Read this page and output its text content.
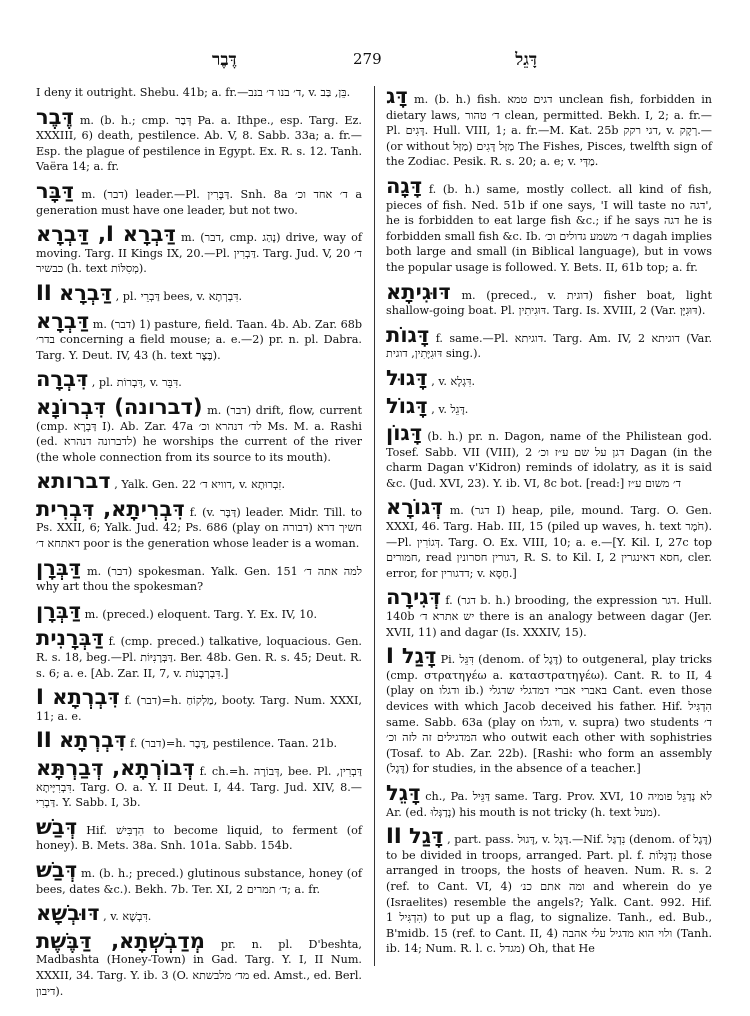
דֶּבֶר	279	דָּגֵל

I deny it outright. Shebu. 41b; a. fr.—ד׳ בנו ד׳ בנב, v. בֵּן, בַּב.

דֶּבֶר m. (b. h.; cmp. דְּבַר Pa. a. Ithpe., esp. Targ. Ez. XXXIII, 6) death, pestilence. Ab. V, 8. Sabb. 33a; a. fr.—Esp. the plague of pestilence in Egypt. Ex. R. s. 12. Tanh. Vaëra 14; a. fr.

דַּבָּר m. (דבר) leader.—Pl. דַּבָּרִין. Snh. 8a ד׳ אחד וכ׳ a generation must have one leader, but not two.

דַּבְרָא I, דַּבְרָא m. (דבר, cmp. נָהַג) drive, way of moving. Targ. II Kings IX, 20.—Pl. דַּבְרִין. Targ. Jud. V, 20 ד׳ כבשיר (h. text מְסִלּוֹת).

דַּבְרָא II , pl. דַּבְרֵי bees, v. דִּבְרְתָא.

דַּבְרָא m. (דבר) 1) pasture, field. Taan. 4b. Ab. Zar. 68b בדר׳ concerning a field mouse; a. e.—2) pr. n. pl. Dabra. Targ. Y. Deut. IV, 43 (h. text בֶּצֶר).

דִּבְרָה , pl. דִּבְרוֹת, v. דִּבֵּר.

(דברונה) דִּבְרוֹנָא m. (דבר) drift, flow, current (cmp. דַּבְרָא I). Ab. Zar. 47a לד׳ דנהרא וכ׳ Ms. M. a. Rashi (ed. לדברונה דנהרא) he worships the current of the river (the whole connection from its source to its mouth).

דברותא , Yalk. Gen. 22 דוויא ד׳, v. זִבְרוּתָא.

דִּבְרִיתָא, דִּבְרִית f. (v. דַּבָּר) leader. Midr. Till. to Ps. XXII, 6; Yalk. Jud. 42; Ps. 686 (play on דבורה) חשיך דרא דאתחא ד׳ poor is the generation whose leader is a woman.

דַּבְּרָן m. (דבר) spokesman. Yalk. Gen. 151 למה אתה ד׳ why art thou the spokesman?

דַּבְּרָן m. (preced.) eloquent. Targ. Y. Ex. IV, 10.

דַּבְּרָנִית f. (cmp. preced.) talkative, loquacious. Gen. R. s. 18, beg.—Pl. דַּבְּרָנִיּוֹת. Ber. 48b. Gen. R. s. 45; Deut. R. s. 6; a. e. [Ab. Zar. II, 7, v. דִּבְרְבָנוֹת.]

דִּבְרְתָא I f. (דבר)=h. מַלְקוֹחַ, booty. Targ. Num. XXXI, 11; a. e.

דִּבְרְתָא II f. (דבר)=h. דֶּבֶר, pestilence. Taan. 21b.

דְּבוֹרְתָא, דְּבַרְתָּא f. ch.=h. דְּבוֹרָה, bee. Pl. דַּבְרִין, דִּבְרִיָּיתָא. Targ. O. a. Y. II Deut. I, 44. Targ. Jud. XIV, 8.—דַּבְרִי. Y. Sabb. I, 3b.

דְּבַשׁ Hif. הִדְבִּישׁ to become liquid, to ferment (of honey). B. Mets. 38a. Snh. 101a. Sabb. 154b.

דְּבַשׁ m. (b. h.; preced.) glutinous substance, honey (of bees, dates &c.). Bekh. 7b. Ter. XI, 2 ד׳ תמרים; a. fr.

דּוּבְשָׁא , v. דִּבְשָׁא.

מְדַבְשְׁתָא, דַּבֶּשֶׁת pr. n. pl. D'beshta, Madbashta (Honey-Town) in Gad. Targ. Y. I, II Num. XXXII, 34. Targ. Y. ib. 3 (O. מד׳ מלבשתא ed. Amst., ed. Berl. דיבון).

דָּג m. (b. h.) fish. דגים טמא unclean fish, forbidden in dietary laws, ד׳ טהור clean, permitted. Bekh. I, 2; a. fr.—Pl. דָּגִים. Hull. VIII, 1; a. fr.—M. Kat. 25b דגי רקק, v. רְקָק.—(or without מַזַּל) מַזַּל דָּגִים The Fishes, Pisces, twelfth sign of the Zodiac. Pesik. R. s. 20; a. e; v. מַדְּי.

דָּגָה f. (b. h.) same, mostly collect. all kind of fish, pieces of fish. Ned. 51b if one says, 'I will taste no דגה', he is forbidden to eat large fish &c.; if he says דגה he is forbidden small fish &c. Ib. ד׳ משמע גדולים וכ׳ dagah implies both large and small (in Biblical language), but in vows the popular usage is followed. Y. Bets. II, 61b top; a. fr.

דּוּגִיתָא m. (preced., v. דוגית) fisher boat, light shallow-going boat. Pl. דּוּגִיתִין. Targ. Is. XVIII, 2 (Var. דּוּגִיָּן).

דָּגוֹת f. same.—Pl. דוגיתא. Targ. Am. IV, 2 דוגיתא (Var. דּוּגִיָּתִין, דוגית sing.).

דָּגוּל , v. דִּגְלָא.

דָּגוֹל , v. דָּגֵל.

דָּגוֹן (b. h.) pr. n. Dagon, name of the Philistean god. Tosef. Sabb. VII (VIII), 2 דגן על שם ע״ז וכ׳ Dagan (in the charm Dagan v'Kidron) reminds of idolatry, as it is said &c. (Jud. XVI, 23). Y. ib. VI, 8c bot. [read:] ד׳ משום ע״ז

דְּגוֹרָא m. (דגר I) heap, pile, mound. Targ. O. Gen. XXXI, 46. Targ. Hab. III, 15 (piled up waves, h. text חֹמֶר).—Pl. דְּגוֹרִין. Targ. O. Ex. VIII, 10; a. e.—[Y. Kil. I, 27c top חמורים, read דגורין חסרונין, R. S. to Kil. I, 2 חסא דאינגרין, cler. error, for דדגורין; v. חַסָּא.]

דְּגִירָה f. (דגר b. h.) brooding, the expression דגר. Hull. 140b יש אתרא ד׳ there is an analogy between dagar (Jer. XVII, 11) and dagar (Is. XXXIV, 15).

דָּגַל I Pi. דִּגֵּל (denom. of דֶּגֶל) to outgeneral, play tricks (cmp. στρατηγέω a. καταστρατηγέω). Cant. R. to II, 4 (play on ודגלו ib.) באברי אברי דמדגלי שדגלי Cant. even those devices with which Jacob deceived his father. Hif. הִדְגִּיל same. Sabb. 63a (play on ודגלו, v. supra) two students ד׳ המדגילים זה לזה וכ׳ who outwit each other with sophistries (Tosaf. to Ab. Zar. 22b). [Rashi: who form an assembly (דֶּגֶל) for studies, in the absence of a teacher.]

דָּגֵל ch., Pa. דַּגֵּיל same. Targ. Prov. XVI, 10 לא נְדַגֵּל פומיה Ar. (ed. נְדַגְּלוּ) his mouth is not tricky (h. text מעל).

דָּגַל II , part. pass. דָּגוּל, v. דֶּגֶל.—Nif. נִדְגַּל (denom. of דֶּגֶל) to be divided in troops, arranged. Part. pl. f. נִדְגָּלוֹת those arranged in troops, the hosts of heaven. Num. R. s. 2 (ref. to Cant. VI, 4) ומה אתם כנ׳ and wherein do ye (Israelites) resemble the angels?; Yalk. Cant. 992. Hif. הִדְגִּיל 1) to put up a flag, to signalize. Tanh., ed. Bub., B'midb. 15 (ref. to Cant. II, 4) ולוי הוא מדגיל עלי אהבה (Tanh. ib. 14; Num. R. l. c. מגדל) Oh, that He
